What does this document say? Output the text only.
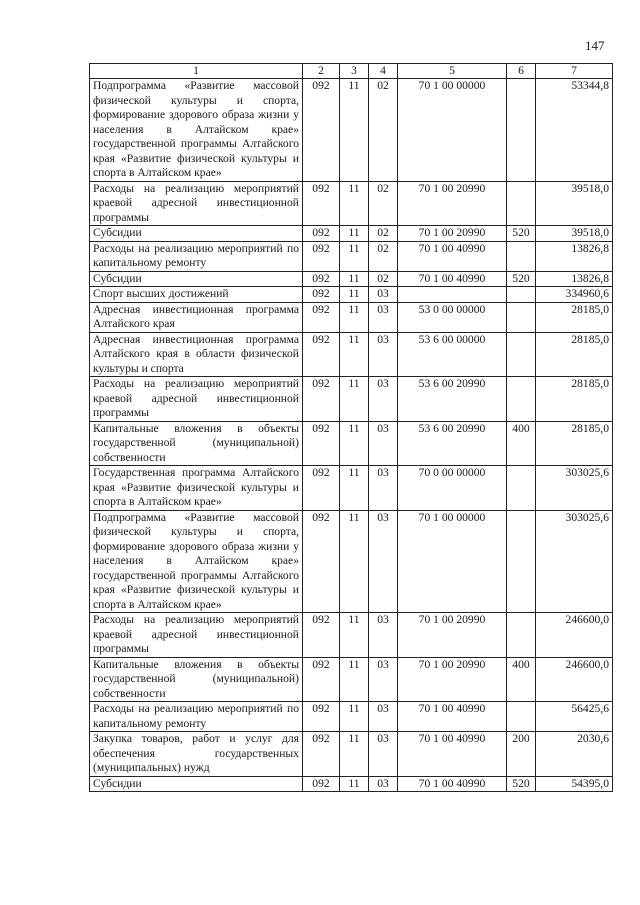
147
1	2	3	4	5	6	7
Подпрограмма «Развитие массовой физической культуры и спорта, формирование здорового образа жизни у населения в Алтайском крае» государственной программы Алтайского края «Развитие физической культуры и спорта в Алтайском крае»	092	11	02	70 1 00 00000		53344,8
Расходы на реализацию мероприятий краевой адресной инвестиционной программы	092	11	02	70 1 00 20990		39518,0
Субсидии	092	11	02	70 1 00 20990	520	39518,0
Расходы на реализацию мероприятий по капитальному ремонту	092	11	02	70 1 00 40990		13826,8
Субсидии	092	11	02	70 1 00 40990	520	13826,8
Спорт высших достижений	092	11	03			334960,6
Адресная инвестиционная программа Алтайского края	092	11	03	53 0 00 00000		28185,0
Адресная инвестиционная программа Алтайского края в области физической культуры и спорта	092	11	03	53 6 00 00000		28185,0
Расходы на реализацию мероприятий краевой адресной инвестиционной программы	092	11	03	53 6 00 20990		28185,0
Капитальные вложения в объекты государственной (муниципальной) собственности	092	11	03	53 6 00 20990	400	28185,0
Государственная программа Алтайского края «Развитие физической культуры и спорта в Алтайском крае»	092	11	03	70 0 00 00000		303025,6
Подпрограмма «Развитие массовой физической культуры и спорта, формирование здорового образа жизни у населения в Алтайском крае» государственной программы Алтайского края «Развитие физической культуры и спорта в Алтайском крае»	092	11	03	70 1 00 00000		303025,6
Расходы на реализацию мероприятий краевой адресной инвестиционной программы	092	11	03	70 1 00 20990		246600,0
Капитальные вложения в объекты государственной (муниципальной) собственности	092	11	03	70 1 00 20990	400	246600,0
Расходы на реализацию мероприятий по капитальному ремонту	092	11	03	70 1 00 40990		56425,6
Закупка товаров, работ и услуг для обеспечения государственных (муниципальных) нужд	092	11	03	70 1 00 40990	200	2030,6
Субсидии	092	11	03	70 1 00 40990	520	54395,0
